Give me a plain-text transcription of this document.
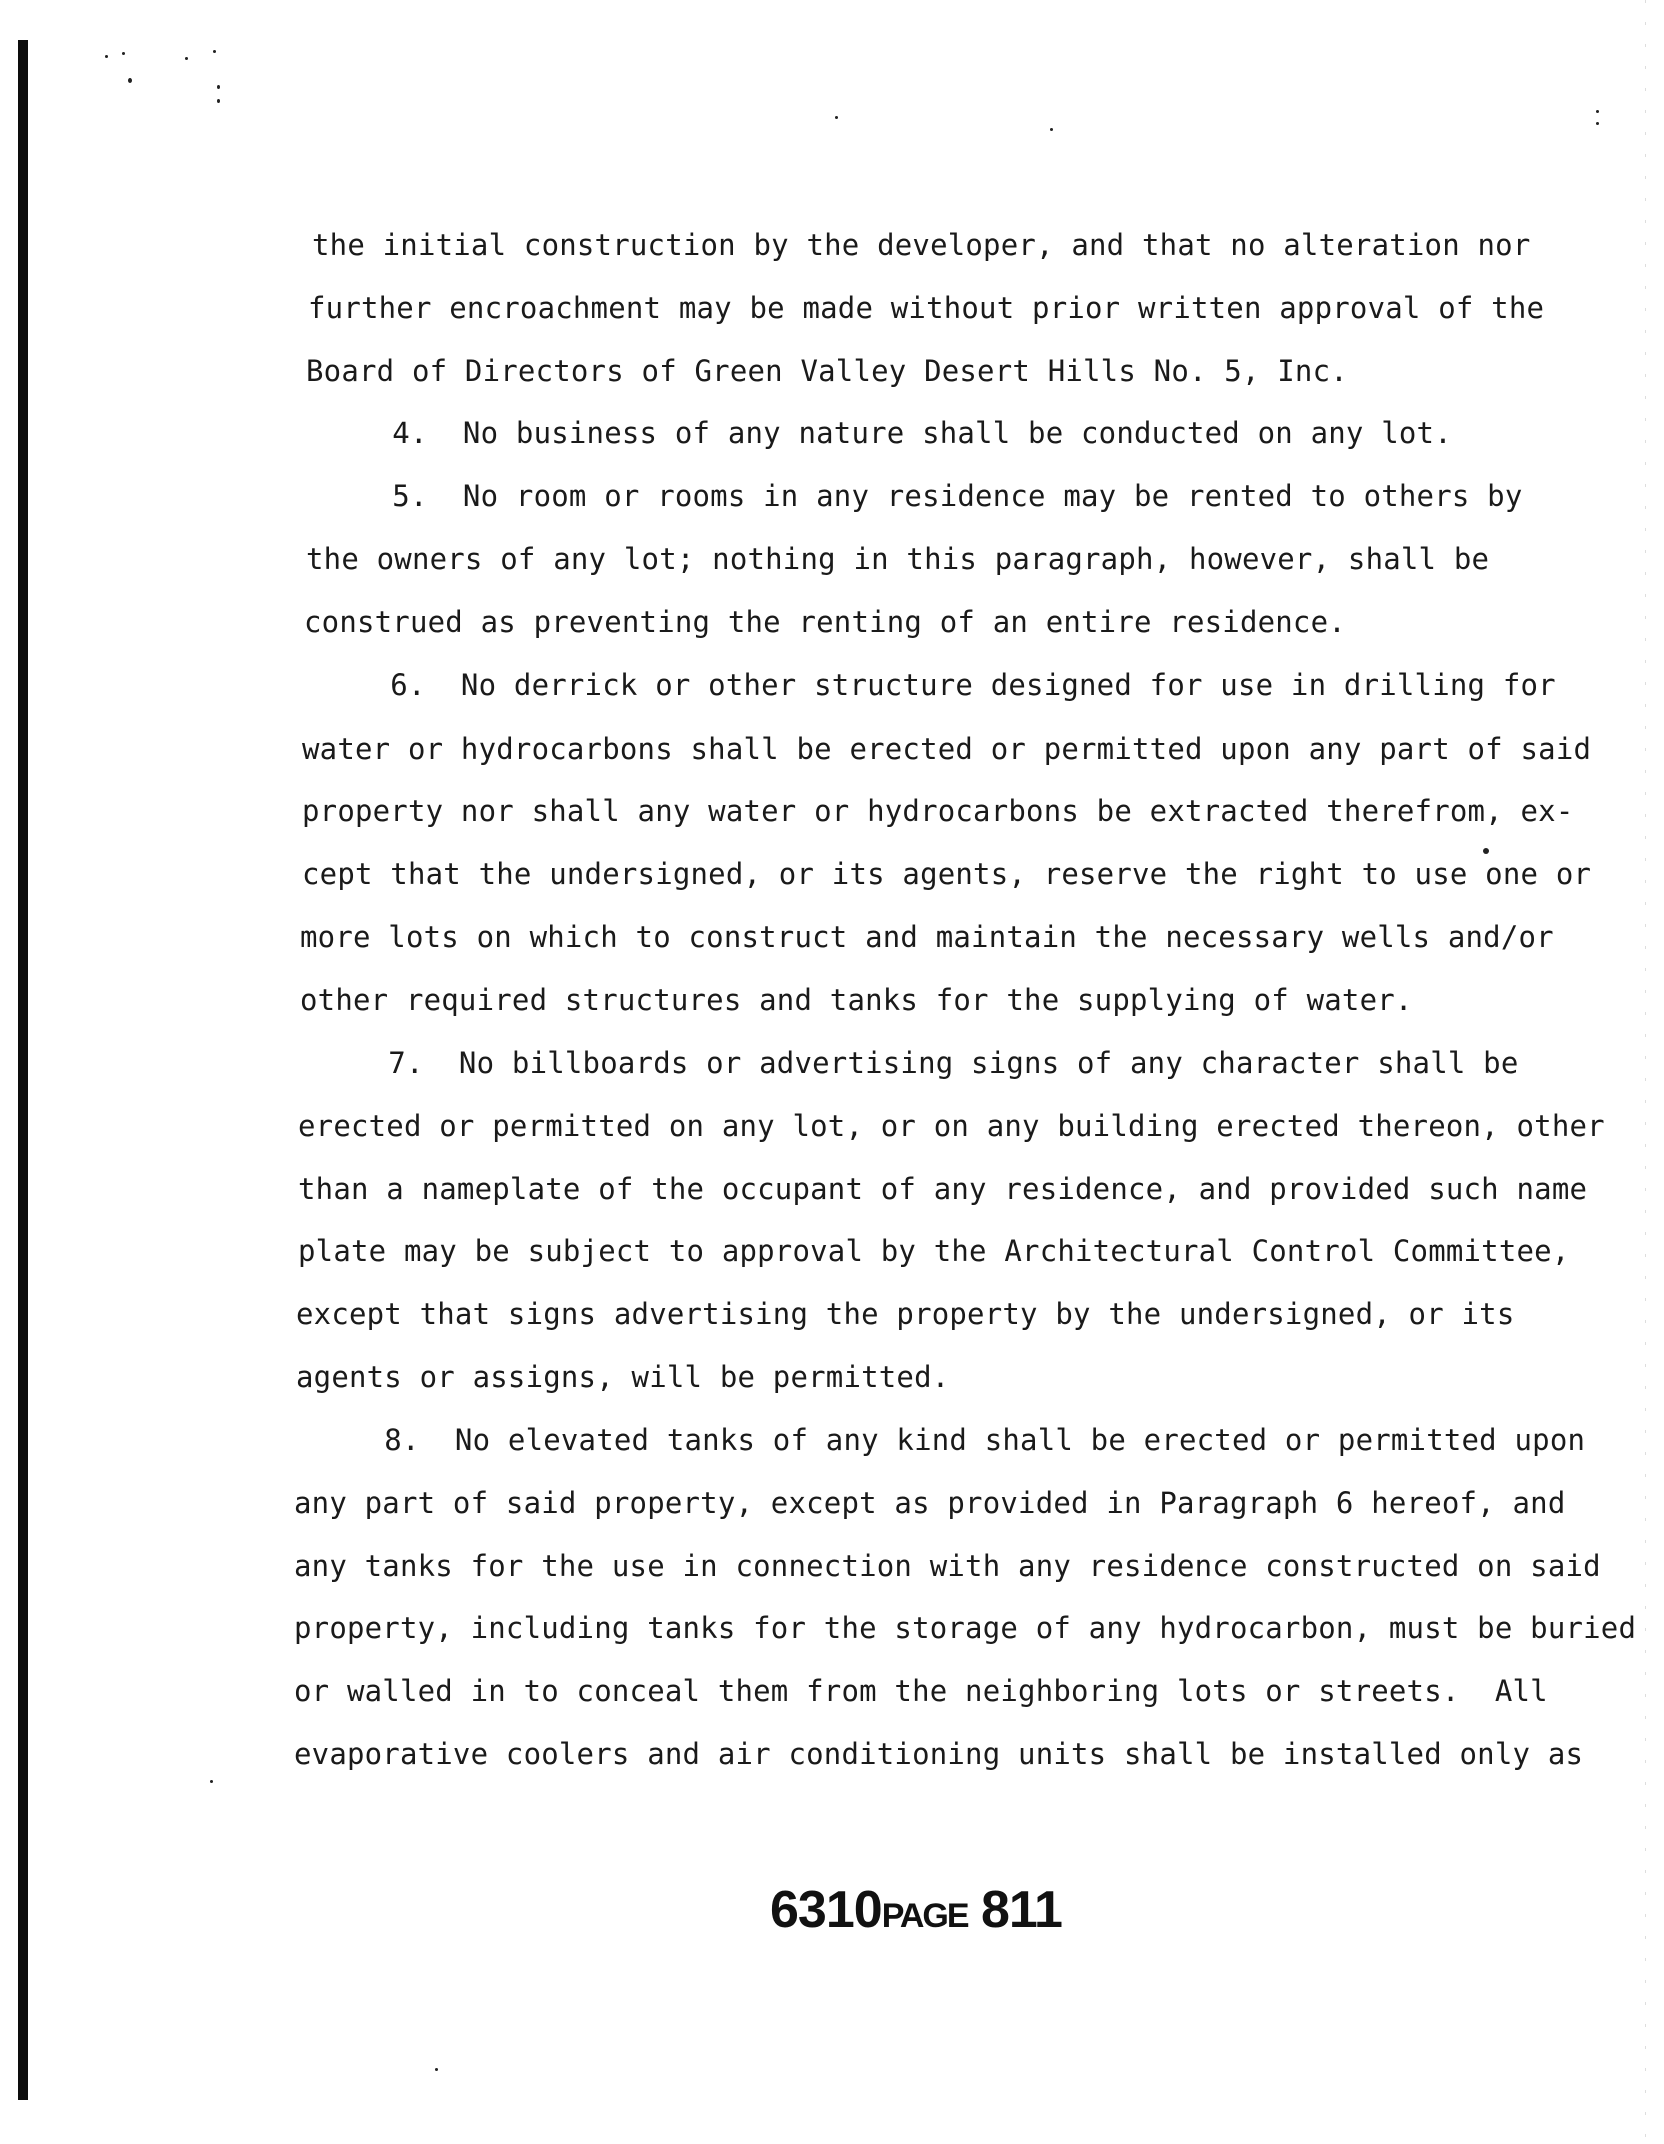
the initial construction by the developer, and that no alteration nor
further encroachment may be made without prior written approval of the
Board of Directors of Green Valley Desert Hills No. 5, Inc.
4.  No business of any nature shall be conducted on any lot.
5.  No room or rooms in any residence may be rented to others by
the owners of any lot; nothing in this paragraph, however, shall be
construed as preventing the renting of an entire residence.
6.  No derrick or other structure designed for use in drilling for
water or hydrocarbons shall be erected or permitted upon any part of said
property nor shall any water or hydrocarbons be extracted therefrom, ex-
cept that the undersigned, or its agents, reserve the right to use one or
more lots on which to construct and maintain the necessary wells and/or
other required structures and tanks for the supplying of water.
7.  No billboards or advertising signs of any character shall be
erected or permitted on any lot, or on any building erected thereon, other
than a nameplate of the occupant of any residence, and provided such name
plate may be subject to approval by the Architectural Control Committee,
except that signs advertising the property by the undersigned, or its
agents or assigns, will be permitted.
8.  No elevated tanks of any kind shall be erected or permitted upon
any part of said property, except as provided in Paragraph 6 hereof, and
any tanks for the use in connection with any residence constructed on said
property, including tanks for the storage of any hydrocarbon, must be buried
or walled in to conceal them from the neighboring lots or streets.  All
evaporative coolers and air conditioning units shall be installed only as
6310PAGE 811
